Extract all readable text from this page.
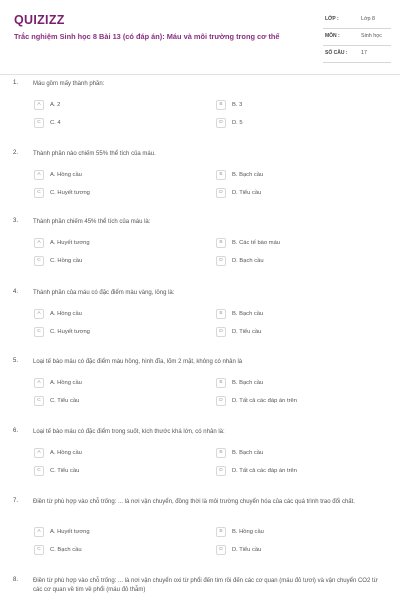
QUIZIZZ
Trắc nghiệm Sinh học 8 Bài 13 (có đáp án): Máu và môi trường trong cơ thể
LỚP :	Lớp 8
MÔN :	Sinh học
SỐ CÂU :	17
1. Máu gồm mấy thành phần:
A	A. 2	B	B. 3
C	C. 4	D	D. 5
2. Thành phần nào chiếm 55% thể tích của máu.
A	A. Hồng cầu	B	B. Bạch cầu
C	C. Huyết tương	D	D. Tiểu cầu
3. Thành phần chiếm 45% thể tích của máu là:
A	A. Huyết tương	B	B. Các tế bào máu
C	C. Hồng cầu	D	D. Bạch cầu
4. Thành phần của máu có đặc điểm màu vàng, lỏng là:
A	A. Hồng cầu	B	B. Bạch cầu
C	C. Huyết tương	D	D. Tiểu cầu
5. Loại tế bào máu có đặc điểm màu hồng, hình đĩa, lõm 2 mặt, không có nhân là
A	A. Hồng cầu	B	B. Bạch cầu
C	C. Tiểu cầu	D	D. Tất cả các đáp án trên
6. Loại tế bào máu có đặc điểm trong suốt, kích thước khá lớn, có nhân là:
A	A. Hồng cầu	B	B. Bạch cầu
C	C. Tiểu cầu	D	D. Tất cả các đáp án trên
7. Điền từ phù hợp vào chỗ trống: ... là nơi vận chuyển, đồng thời là môi trường chuyển hóa của các quá trình trao đổi chất.
A	A. Huyết tương	B	B. Hồng cầu
C	C. Bạch cầu	D	D. Tiểu cầu
8. Điền từ phù hợp vào chỗ trống: ... là nơi vận chuyển oxi từ phổi đến tim rồi đến các cơ quan (máu đỏ tươi) và vận chuyển CO2 từ các cơ quan về tim về phổi (máu đỏ thẫm)
